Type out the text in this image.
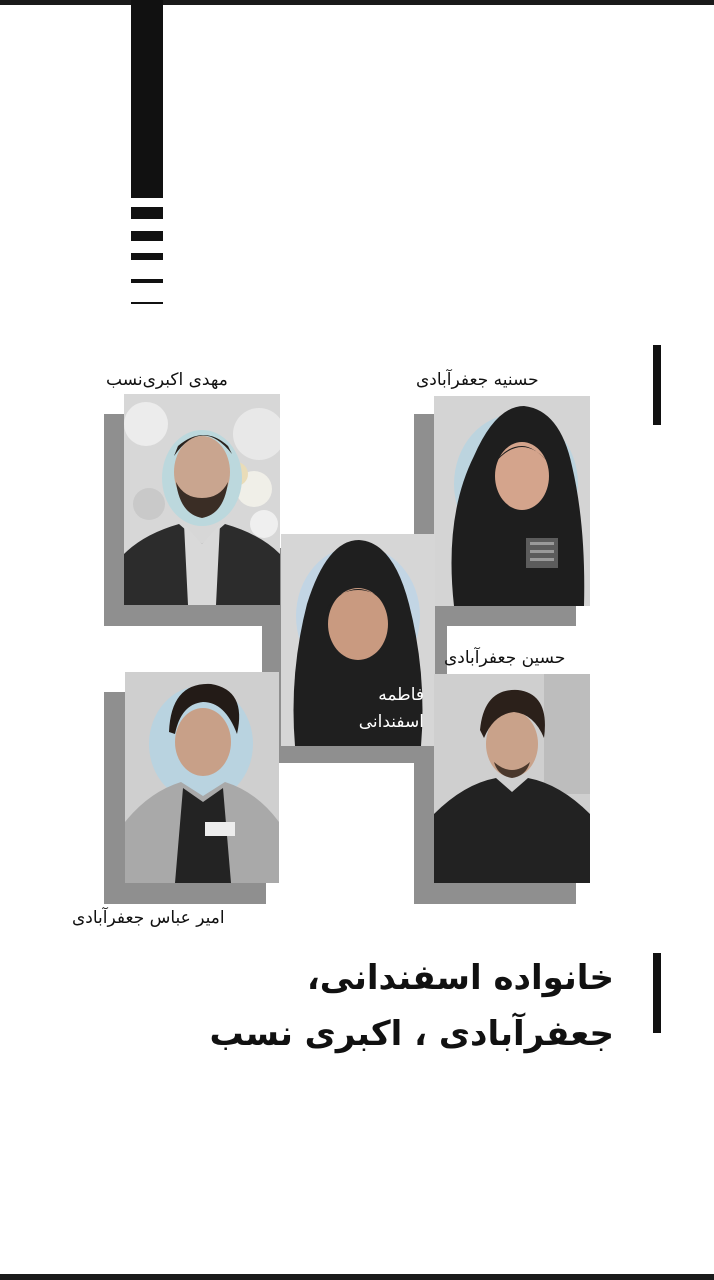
مهدی اکبری‌نسب	حسنیه جعفرآبادی
حسین جعفرآبادی
امیر عباس جعفرآبادی
فاطمه
اسفندانی
خانواده اسفندانی،
جعفرآبادی ، اکبری نسب
